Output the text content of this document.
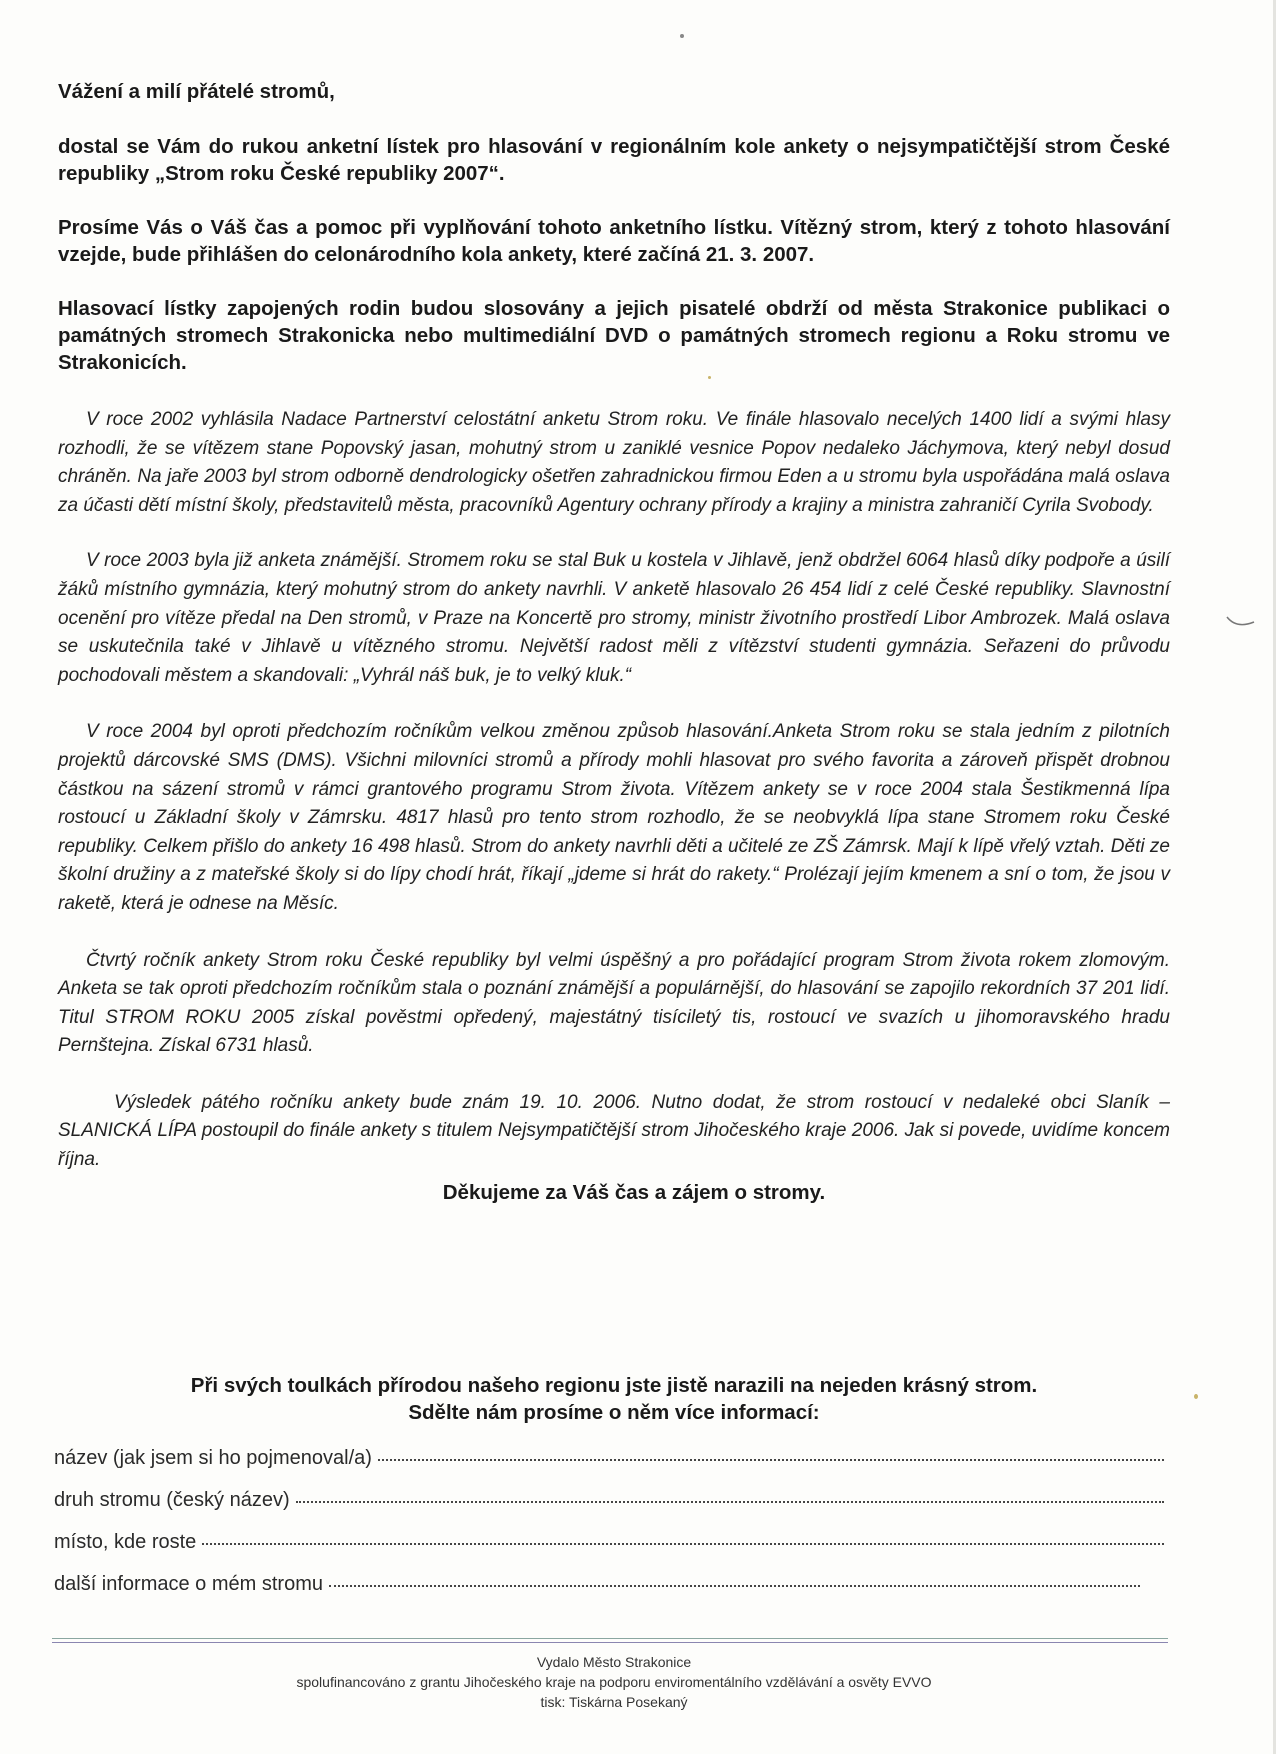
Vážení a milí přátelé stromů,

dostal se Vám do rukou anketní lístek pro hlasování v regionálním kole ankety o nejsympatičtější strom České republiky „Strom roku České republiky 2007“.

Prosíme Vás o Váš čas a pomoc při vyplňování tohoto anketního lístku. Vítězný strom, který z tohoto hlasování vzejde, bude přihlášen do celonárodního kola ankety, které začíná 21. 3. 2007.

Hlasovací lístky zapojených rodin budou slosovány a jejich pisatelé obdrží od města Strakonice publikaci o památných stromech Strakonicka nebo multimediální DVD o památných stromech regionu a Roku stromu ve Strakonicích.

V roce 2002 vyhlásila Nadace Partnerství celostátní anketu Strom roku. Ve finále hlasovalo necelých 1400 lidí a svými hlasy rozhodli, že se vítězem stane Popovský jasan, mohutný strom u zaniklé vesnice Popov nedaleko Jáchymova, který nebyl dosud chráněn. Na jaře 2003 byl strom odborně dendrologicky ošetřen zahradnickou firmou Eden a u stromu byla uspořádána malá oslava za účasti dětí místní školy, představitelů města, pracovníků Agentury ochrany přírody a krajiny a ministra zahraničí Cyrila Svobody.

V roce 2003 byla již anketa známější. Stromem roku se stal Buk u kostela v Jihlavě, jenž obdržel 6064 hlasů díky podpoře a úsilí žáků místního gymnázia, který mohutný strom do ankety navrhli. V anketě hlasovalo 26 454 lidí z celé České republiky. Slavnostní ocenění pro vítěze předal na Den stromů, v Praze na Koncertě pro stromy, ministr životního prostředí Libor Ambrozek. Malá oslava se uskutečnila také v Jihlavě u vítězného stromu. Největší radost měli z vítězství studenti gymnázia. Seřazeni do průvodu pochodovali městem a skandovali: „Vyhrál náš buk, je to velký kluk.“

V roce 2004 byl oproti předchozím ročníkům velkou změnou způsob hlasování.Anketa Strom roku se stala jedním z pilotních projektů dárcovské SMS (DMS). Všichni milovníci stromů a přírody mohli hlasovat pro svého favorita a zároveň přispět drobnou částkou na sázení stromů v rámci grantového programu Strom života. Vítězem ankety se v roce 2004 stala Šestikmenná lípa rostoucí u Základní školy v Zámrsku. 4817 hlasů pro tento strom rozhodlo, že se neobvyklá lípa stane Stromem roku České republiky. Celkem přišlo do ankety 16 498 hlasů. Strom do ankety navrhli děti a učitelé ze ZŠ Zámrsk. Mají k lípě vřelý vztah. Děti ze školní družiny a z mateřské školy si do lípy chodí hrát, říkají „jdeme si hrát do rakety.“ Prolézají jejím kmenem a sní o tom, že jsou v raketě, která je odnese na Měsíc.

Čtvrtý ročník ankety Strom roku České republiky byl velmi úspěšný a pro pořádající program Strom života rokem zlomovým. Anketa se tak oproti předchozím ročníkům stala o poznání známější a populárnější, do hlasování se zapojilo rekordních 37 201 lidí. Titul STROM ROKU 2005 získal pověstmi opředený, majestátný tisíciletý tis, rostoucí ve svazích u jihomoravského hradu Pernštejna. Získal 6731 hlasů.

Výsledek pátého ročníku ankety bude znám 19. 10. 2006. Nutno dodat, že strom rostoucí v nedaleké obci Slaník – SLANICKÁ LÍPA postoupil do finále ankety s titulem Nejsympatičtější strom Jihočeského kraje 2006. Jak si povede, uvidíme koncem října.

Děkujeme za Váš čas a zájem o stromy.

Při svých toulkách přírodou našeho regionu jste jistě narazili na nejeden krásný strom.
Sdělte nám prosíme o něm více informací:
název (jak jsem si ho pojmenoval/a)
druh stromu (český název)
místo, kde roste
další informace o mém stromu
Vydalo Město Strakonice
spolufinancováno z grantu Jihočeského kraje na podporu enviromentálního vzdělávání a osvěty EVVO
tisk: Tiskárna Posekaný
